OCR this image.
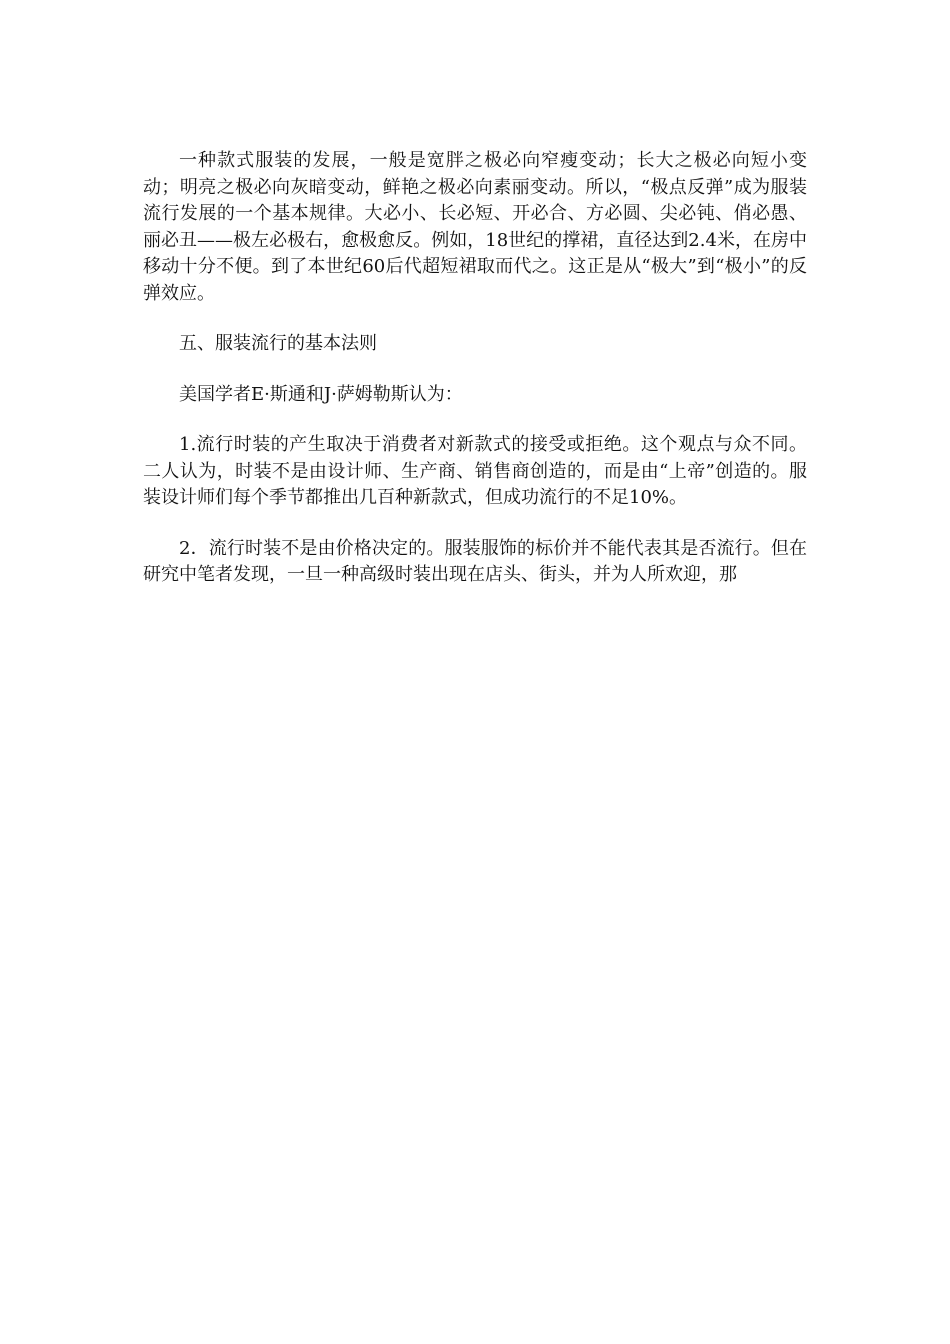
一种款式服装的发展，一般是宽胖之极必向窄瘦变动；长大之极必向短小变动；明亮之极必向灰暗变动，鲜艳之极必向素丽变动。所以，“极点反弹”成为服装流行发展的一个基本规律。大必小、长必短、开必合、方必圆、尖必钝、俏必愚、丽必丑——极左必极右，愈极愈反。例如，18世纪的撑裙，直径达到2.4米，在房中移动十分不便。到了本世纪60后代超短裙取而代之。这正是从“极大”到“极小”的反弹效应。

五、服装流行的基本法则

美国学者E·斯通和J·萨姆勒斯认为：

1.流行时装的产生取决于消费者对新款式的接受或拒绝。这个观点与众不同。二人认为，时装不是由设计师、生产商、销售商创造的，而是由“上帝”创造的。服装设计师们每个季节都推出几百种新款式，但成功流行的不足10%。

2．流行时装不是由价格决定的。服装服饰的标价并不能代表其是否流行。但在研究中笔者发现，一旦一种高级时装出现在店头、街头，并为人所欢迎，那
